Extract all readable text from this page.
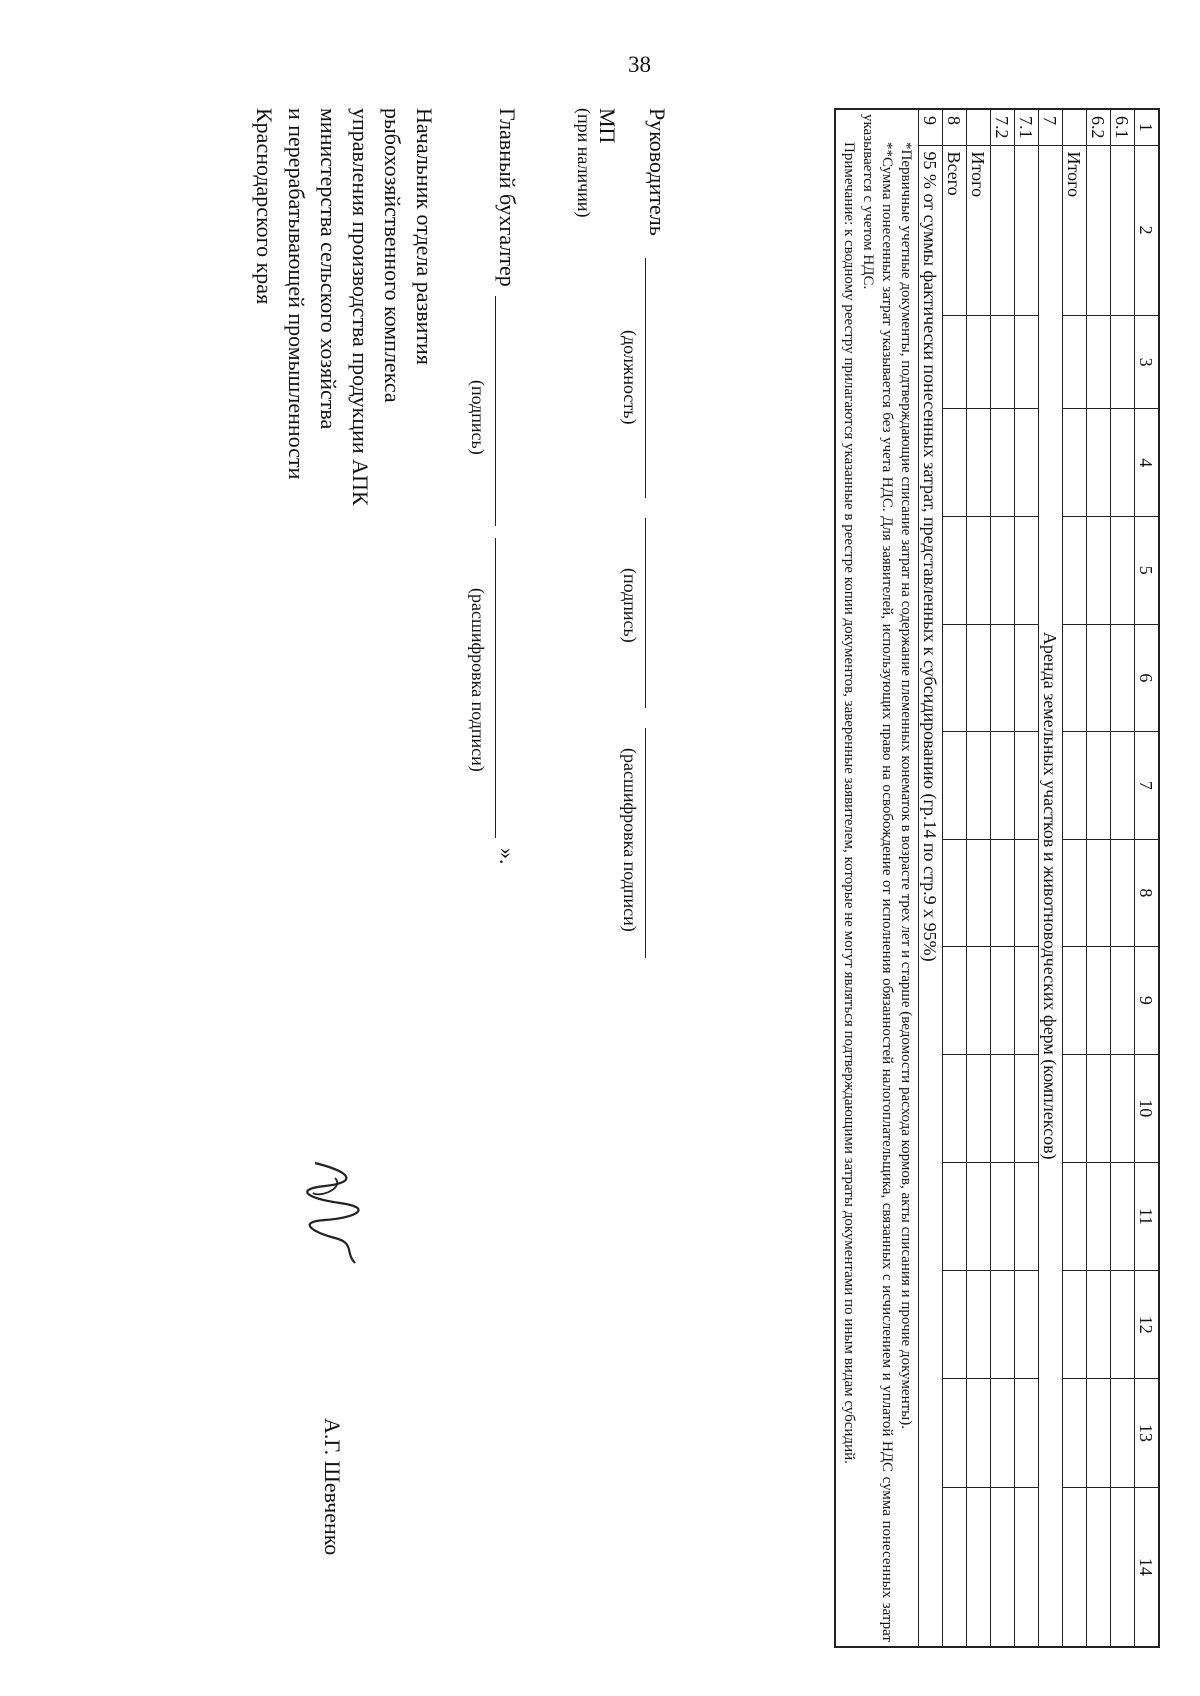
38
1	2	3	4	5	6	7	8	9	10	11	12	13	14
6.1													
6.2													
	Итого												
7	Аренда земельных участков и животноводческих ферм (комплексов)												
7.1													
7.2													
	Итого												
8	Всего												
9	95 % от суммы фактически понесенных затрат, представленных к субсидированию (гр.14 по стр.9 х 95%)												

*Первичные учетные документы, подтверждающие списание затрат на содержание племенных конематок в возрасте трех лет и старше (ведомости расхода кормов, акты списания и прочие документы).

**Сумма понесенных затрат указывается без учета НДС. Для заявителей, использующих право на освобождение от исполнения обязанностей налогоплательщика, связанных с исчислением и уплатой НДС сумма понесенных затрат указывается с учетом НДС.

Примечание: к сводному реестру прилагаются указанные в реестре копии документов, заверенные заявителем, которые не могут являться подтверждающими затраты документами по иным видам субсидий.													

Руководитель
(должность)
(подпись)
(расшифровка подписи)
МП
(при наличии)
Главный бухгалтер
».
(подпись)
(расшифровка подписи)
Начальник отдела развития
рыбохозяйственного комплекса
управления производства продукции АПК
министерства сельского хозяйства
и перерабатывающей промышленности
Краснодарского края
А.Г. Шевченко
